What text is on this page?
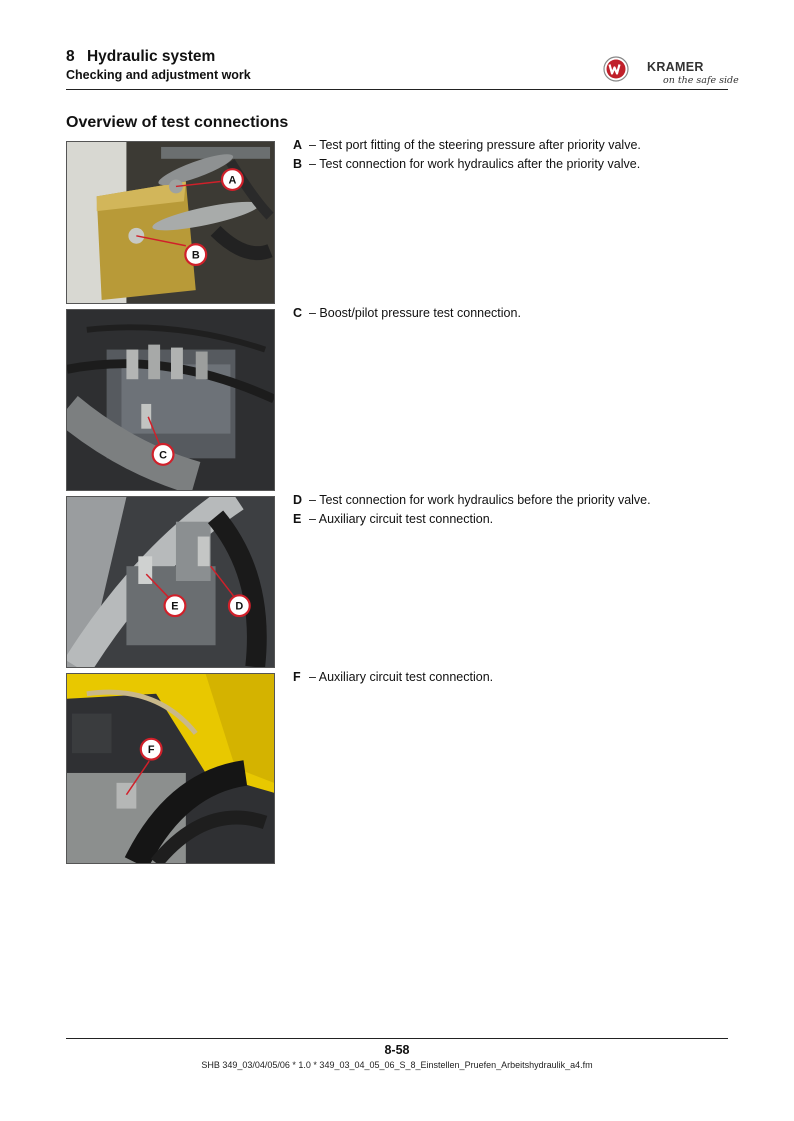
8 Hydraulic system
Checking and adjustment work
KRAMER
on the safe side
Overview of test connections
A
B
C
E	D
F
A – Test port fitting of the steering pressure after priority valve.
B – Test connection for work hydraulics after the priority valve.
C – Boost/pilot pressure test connection.
D – Test connection for work hydraulics before the priority valve.
E – Auxiliary circuit test connection.
F – Auxiliary circuit test connection.
8-58
SHB 349_03/04/05/06 * 1.0 * 349_03_04_05_06_S_8_Einstellen_Pruefen_Arbeitshydraulik_a4.fm
